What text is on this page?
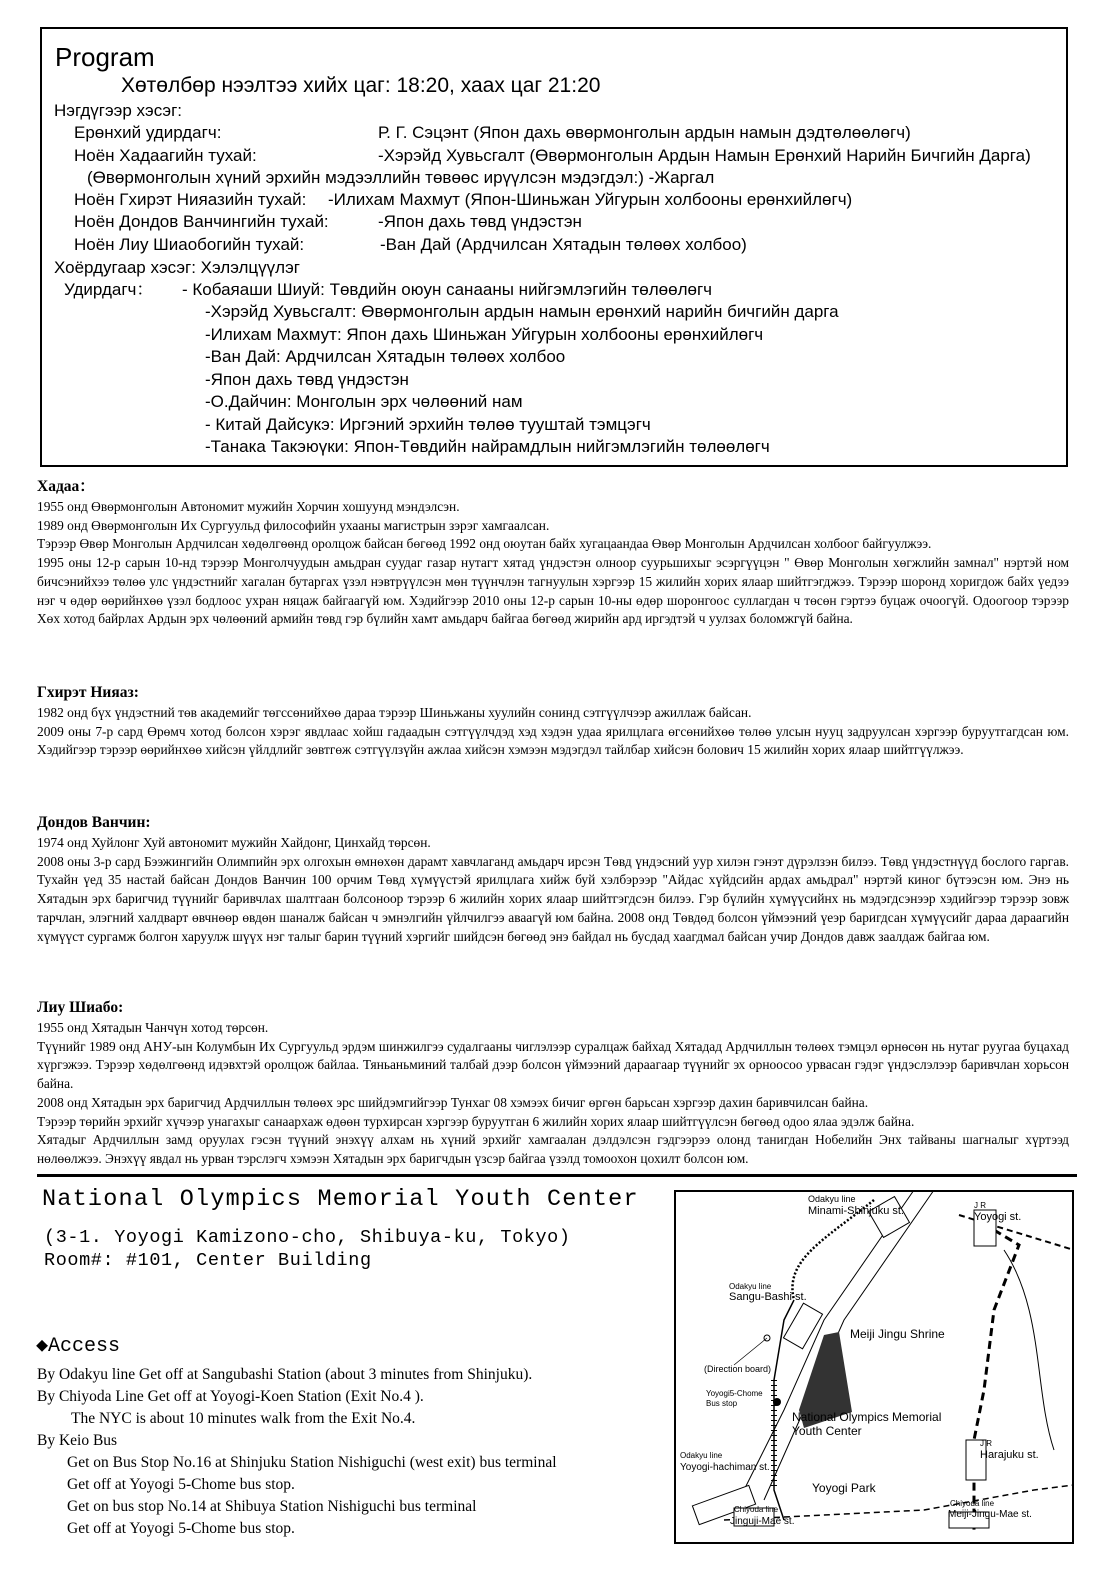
Program
Хөтөлбөр нээлтээ хийх цаг: 18:20, хаах цаг 21:20
Нэгдүгээр хэсэг:
Ерөнхий удирдагч:	Р. Г. Сэцэнт (Япон дахь өвөрмонголын ардын намын дэдтөлөөлөгч)
Ноён Хадаагийн тухай:	-Хэрэйд Хувьсгалт (Өвөрмонголын Ардын Намын Ерөнхий Нарийн Бичгийн Дарга)
(Өвөрмонголын хүний эрхийн мэдээллийн төвөөс ирүүлсэн мэдэгдэл:) -Жаргал
Ноён Гхирэт Нияазийн тухай: -Илихам Махмут (Япон-Шиньжан Уйгурын холбооны ерөнхийлөгч)
Ноён Дондов Ванчингийн тухай:	-Япон дахь төвд үндэстэн
Ноён Лиу Шиаобогийн тухай:	-Ван Дай (Ардчилсан Хятадын төлөөх холбоо)
Хоёрдугаар хэсэг: Хэлэлцүүлэг
Удирдагч： - Кобаяаши Шиуй: Төвдийн оюун санааны нийгэмлэгийн төлөөлөгч
-Хэрэйд Хувьсгалт: Өвөрмонголын ардын намын ерөнхий нарийн бичгийн дарга
-Илихам Махмут: Япон дахь Шиньжан Уйгурын холбооны ерөнхийлөгч
-Ван Дай: Ардчилсан Хятадын төлөөх холбоо
-Япон дахь төвд үндэстэн
-О.Дайчин: Монголын эрх чөлөөний нам
- Китай Дайсукэ: Иргэний эрхийн төлөө тууштай тэмцэгч
-Танака Такэюүки: Япон-Төвдийн найрамдлын нийгэмлэгийн төлөөлөгч
Хадаа：

1955 онд Өвөрмонголын Автономит мужийн Хорчин хошуунд мэндэлсэн.

1989 онд Өвөрмонголын Их Сургуульд философийн ухааны магистрын зэрэг хамгаалсан.

Тэрээр Өвөр Монголын Ардчилсан хөдөлгөөнд оролцож байсан бөгөөд 1992 онд оюутан байх хугацаандаа Өвөр Монголын Ардчилсан холбоог байгуулжээ.

1995 оны 12-р сарын 10-нд тэрээр Монголчуудын амьдран суудаг газар нутагт хятад үндэстэн олноор суурьшихыг эсэргүүцэн " Өвөр Монголын хөгжлийн замнал" нэртэй ном бичсэнийхээ төлөө улс үндэстнийг хагалан бутаргах үзэл нэвтрүүлсэн мөн түүнчлэн тагнуулын хэргээр 15 жилийн хорих ялаар шийтгэгджээ. Тэрээр шоронд хоригдож байх үедээ нэг ч өдөр өөрийнхөө үзэл бодлоос ухран няцаж байгаагүй юм. Хэдийгээр 2010 оны 12-р сарын 10-ны өдөр шоронгоос суллагдан ч төсөн гэртээ буцаж очоогүй. Одоогоор тэрээр Хөх хотод байрлах Ардын эрх чөлөөний армийн төвд гэр бүлийн хамт амьдарч байгаа бөгөөд жирийн ард иргэдтэй ч уулзах боломжгүй байна.

Гхирэт Нияаз:

1982 онд бүх үндэстний төв академийг төгссөнийхөө дараа тэрээр Шиньжаны хуулийн сонинд сэтгүүлчээр ажиллаж байсан.

2009 оны 7-р сард Өрөмч хотод болсон хэрэг явдлаас хойш гадаадын сэтгүүлчдэд хэд хэдэн удаа ярилцлага өгсөнийхөө төлөө улсын нууц задруулсан хэргээр буруутгагдсан юм. Хэдийгээр тэрээр өөрийнхөө хийсэн үйлдлийг зөвтгөж сэтгүүлзүйн ажлаа хийсэн хэмээн мэдэгдэл тайлбар хийсэн болович 15 жилийн хорих ялаар шийтгүүлжээ.

Дондов Ванчин:

1974 онд Хуйлонг Хуй автономит мужийн Хайдонг, Цинхайд төрсөн.

2008 оны 3-р сард Бээжингийн Олимпийн эрх олгохын өмнөхөн дарамт хавчлаганд амьдарч ирсэн Төвд үндэсний уур хилэн гэнэт дүрэлзэн билээ. Төвд үндэстнүүд бослого гаргав. Тухайн үед 35 настай байсан Дондов Ванчин 100 орчим Төвд хүмүүстэй ярилцлага хийж буй хэлбэрээр "Айдас хүйдсийн ардах амьдрал" нэртэй киног бүтээсэн юм. Энэ нь Хятадын эрх баригчид түүнийг баривчлах шалтгаан болсоноор тэрээр 6 жилийн хорих ялаар шийтгэгдсэн билээ. Гэр бүлийн хүмүүсийнх нь мэдэгдсэнээр хэдийгээр тэрээр зовж тарчлан, элэгний халдварт өвчнөөр өвдөн шаналж байсан ч эмнэлгийн үйлчилгээ аваагүй юм байна. 2008 онд Төвдөд болсон үймээний үеэр баригдсан хүмүүсийг дараа дараагийн хүмүүст сургамж болгон харуулж шүүх нэг талыг барин түүний хэргийг шийдсэн бөгөөд энэ байдал нь бусдад хаагдмал байсан учир Дондов давж заалдаж байгаа юм.

Лиу Шиабо:

1955 онд Хятадын Чанчүн хотод төрсөн.

Түүнийг 1989 онд АНУ-ын Колумбын Их Сургуульд эрдэм шинжилгээ судалгааны чиглэлээр суралцаж байхад Хятадад Ардчиллын төлөөх тэмцэл өрнөсөн нь нутаг руугаа буцахад хүргэжээ. Тэрээр хөдөлгөөнд идэвхтэй оролцож байлаа. Тяньаньминий талбай дээр болсон үймээний дараагаар түүнийг эх орноосоо урвасан гэдэг үндэслэлээр баривчлан хорьсон байна.

2008 онд Хятадын эрх баригчид Ардчиллын төлөөх эрс шийдэмгийгээр Тунхаг 08 хэмээх бичиг өргөн барьсан хэргээр дахин баривчилсан байна.

Тэрээр төрийн эрхийг хүчээр унагахыг санаархаж өдөөн турхирсан хэргээр буруутган 6 жилийн хорих ялаар шийтгүүлсэн бөгөөд одоо ялаа эдэлж байна.

Хятадыг Ардчиллын замд оруулах гэсэн түүний энэхүү алхам нь хүний эрхийг хамгаалан дэлдэлсэн гэдгээрээ олонд танигдан Нобелийн Энх тайваны шагналыг хүртээд нөлөөлжээ. Энэхүү явдал нь урван тэрслэгч хэмээн Хятадын эрх баригчдын үзсэр байгаа үзэлд томоохон цохилт болсон юм.

National Olympics Memorial Youth Center
(3-1. Yoyogi Kamizono-cho, Shibuya-ku, Tokyo)
Room#: #101, Center Building
◆Access
By Odakyu line Get off at Sangubashi Station (about 3 minutes from Shinjuku).
By Chiyoda Line Get off at Yoyogi-Koen Station (Exit No.4 ).
The NYC is about 10 minutes walk from the Exit No.4.
By Keio Bus
Get on Bus Stop No.16 at Shinjuku Station Nishiguchi (west exit) bus terminal
Get off at Yoyogi 5-Chome bus stop.
Get on bus stop No.14 at Shibuya Station Nishiguchi bus terminal
Get off at Yoyogi 5-Chome bus stop.
Odakyu line
Minami-Shinjuku st.	J R
Yoyogi st.
Odakyu line
Sangu-Bashi st.
Meiji Jingu Shrine
(Direction board)
Yoyogi5-Chome
Bus stop
National Olympics Memorial
Youth Center
J R
Harajuku st.
Odakyu line
Yoyogi-hachiman st.
Yoyogi Park
Chiyoda line
Jinguji-Mae st.
Chiyoda line
Meiji-Jingu-Mae st.
